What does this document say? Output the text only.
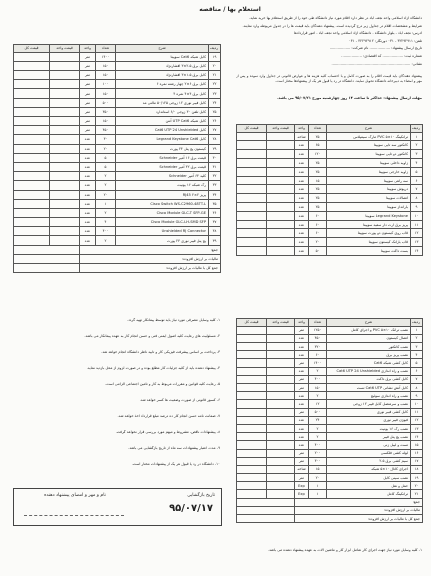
استعلام بها / مناقصه
دانشگاه آزاد اسلامی واحد نجف آباد در نظر دارد اقلام مورد نیاز دانشگاه طی خود را از طریق استعلام بها خرید نماید.
شرایط و مشخصات اقلام در جداول زیر درج گردیده است. پیشنهاد دهندگان باید قیمت ها را در جدول مربوطه وارد نمایند.
آدرس: نجف آباد - بلوار دانشگاه - دانشگاه آزاد اسلامی واحد نجف آباد - امور قراردادها
تلفن: ۴۲۲۹۲۹۱۱ - ۰۳۱ دورنگار: ۴۲۲۹۲۹۱۲ - ۰۳۱
تاریخ ارسال پیشنهاد: .................. نام شرکت: ..................
شماره ثبت: .................. کد اقتصادی: ..................
نشانی: .....................................................................
پیشنهاد دهندگان باید قیمت اقلام را به صورت کامل و با احتساب کلیه هزینه ها و عوارض قانونی در جداول وارد نموده و پس از مهر و امضاء به دبیرخانه دانشگاه تحویل نمایند. دانشگاه در رد یا قبول هر یک از پیشنهادها مختار است.
مهلت ارسال پیشنهاد: حداکثر تا ساعت ۱۴ روز چهارشنبه مورخ ۹۵/۰۷/۲۱ می باشد.
ردیف	شرح	تعداد	واحد	قیمت واحد	قیمت کل
۱۹	کابل شبکه Cat6 سوپیتا	۱۴۰۰	متر		
۲۰	کابل برق ۲.۵×۳ افشارنژاد	۱۵۰	متر		
۲۱	کابل برق ۱.۵×۳ افشارنژاد	۱۵۰	متر		
۲۲	کابل برق ۶×۲ چهار رشته نمره ۶	۱۰۰	متر		
۲۳	کابل برق ۴×۴ نمره ۴	۱۵۰	متر		
۲۴	کابل فیبر نوری ۱۲ زوجی ۵۰/۱۲۵ مالتی مد	۵۰۰	متر		
۲۵	کابل تلفن ۳۰ زوجی ۶/۰ استاندارد	۳۵۰	متر		
۲۶	کابل شبکه UTP Cat6 آنتن	۱۵۰	متر		
۲۷	کابل Cat6 UTP 24 Unshielded	۴۵۰	متر		
۲۸	کابل Legrand Keystone Cat6	۳۰	عدد		
۲۹	کیستون پچ پنل ۲۴ پورت	۲۰	عدد		
۳۰	قیمت برق ۱۶ آمپر Schneider	۵	عدد		
۳۱	قیمت برق ۳۲ آمپر Schneider	۵	عدد		
۳۲	کلید ۶۴ آمپر Schneider	۲	عدد		
۳۳	رک شبکه ۱۶ یونیت	۲	عدد		
۳۴	پریز ۲×۲ RJ45	۲۰	عدد		
۳۵	Cisco Switch WS-C2960-48TT-L	۱	عدد		
۳۶	Cisco Module GLC-T SFP-GE	۲	عدد		
۳۷	Cisco Module GLC-LH-SMD SFP	۴	عدد		
۳۸	Unshielded RJ Connector	۴۰۰	عدد		
۳۹	پچ پنل فیبر نوری ۲۴ پورت	۲	عدد		
جمع:					
مالیات بر ارزش افزوده:					
جمع کل با مالیات بر ارزش افزوده:					
ردیف	شرح	تعداد	واحد	قیمت واحد	قیمت کل
۱	ترانکینگ ۱۰×۵ PVC مارک سیمپلاس	۲۵	شاخه		
۲	کانکتور سه تایی سوپیتا	۶۵	عدد		
۳	کانکتور دو تایی سوپیتا	۱۲۰	عدد		
۴	زاویه داخلی سوپیتا	۲۵	عدد		
۵	زاویه خارجی سوپیتا	۲۵	عدد		
۶	سه راهی سوپیتا	۱۵	عدد		
۷	درپوش سوپیتا	۲۵	عدد		
۸	اتصالات سوپیتا	۲۵	عدد		
۹	بارانداز سوپیتا	۲۵	عدد		
۱۰	Legrand Keystone سوپیتا	۶۰	عدد		
۱۱	پریز برق ارت دار سفید سوپیتا	۶۰	عدد		
۱۲	قاب روی کیستون دو پورت سوپیتا	۶۰	عدد		
۱۳	قاب بارانک کیستون سوپیتا	۲۰	عدد		
۱۴	بست داکت سوپیتا	۵۰	عدد		
ردیف	شرح	تعداد	واحد	قیمت واحد	قیمت کل
۱	نصب ترانک ۱۰×۵ PVC و اجرای کامل	۱۲۵۰	متر		
۲	اتصال کیستون	۴۵۰	عدد		
۳	نصب کانکتور	۳۲۰	عدد		
۴	نصب پریز برق	۶۰	عدد		
۵	کابل کشی شبکه Cat6	۱۴۰۰	متر		
۶	نصب و راه اندازی Cat6 UTP 24 Unshielded	۲	عدد		
۷	کابل کشی برق داکت	۴۰۰	متر		
۸	کابل آتش نشانی Cat6 UTP تست	۱۵۰	متر		
۹	نصب و راه اندازی سوئیچ	۲	عدد		
۱۰	نصب و سرمتصل کابل فیبر ۱۲ زوجی	۱۲	عدد		
۱۱	کابل کشی فیبر نوری	۵۰۰	متر		
۱۲	فیوژن فیبر نوری	۲۴	عدد		
۱۳	نصب رک ۱۶ یونیت	۲	عدد		
۱۴	نصب پچ پنل فیبر	۲	عدد		
۱۵	تست و لیبل زنی	۴۰۰	عدد		
۱۶	لوله کشی فلکسی	۲۰۰	متر		
۱۷	سیم کشی برق ۲.۵	۳۰۰	متر		
۱۸	اجرای کانال ۱۰×۵ شبکه	۱۵	شاخه		
۱۹	نصب سینی کابل	۲۰	متر		
۲۰	حمل و نقل	۱	Exp		
۲۱	ترانکینگ کامل	۱	Exp		
جمع:					
مالیات بر ارزش افزوده:					
جمع کل با مالیات بر ارزش افزوده:					
۱- کلیه وسایل مصرفی مورد نیاز باید توسط پیمانکار تهیه گردد.
۲- مسئولیت های رعایت کلیه اصول ایمنی فنی و حسن انجام کار به عهده پیمانکار می باشد.
۳- پرداخت بر اساس پیشرفت فیزیکی کار و تایید ناظر دانشگاه انجام خواهد شد.
۴- پیشنهاد دهنده باید از کلیه جزئیات کار مطلع بوده و در صورت لزوم از محل بازدید نماید.
۵- رعایت کلیه قوانین و مقررات مربوط به کار و تامین اجتماعی الزامی است.
۶- کسور قانونی از صورت وضعیت ها کسر خواهد شد.
۷- ضمانت نامه حسن انجام کار ده درصد مبلغ قرارداد اخذ خواهد شد.
۸- پیشنهادات ناقص، مشروط و مبهم مورد بررسی قرار نخواهد گرفت.
۹- مدت اعتبار پیشنهادات سه ماه از تاریخ بازگشایی می باشد.
۱۰- دانشگاه در رد یا قبول هر یک از پیشنهادات مختار است.
تاریخ بازگشایی
۹۵/۰۷/۱۷
نام و مهر و امضای پیشنهاد دهنده
۱- کلیه وسایل مورد نیاز جهت اجرای کار شامل ابزار کار و ماشین آلات به عهده پیشنهاد دهنده می باشد.
